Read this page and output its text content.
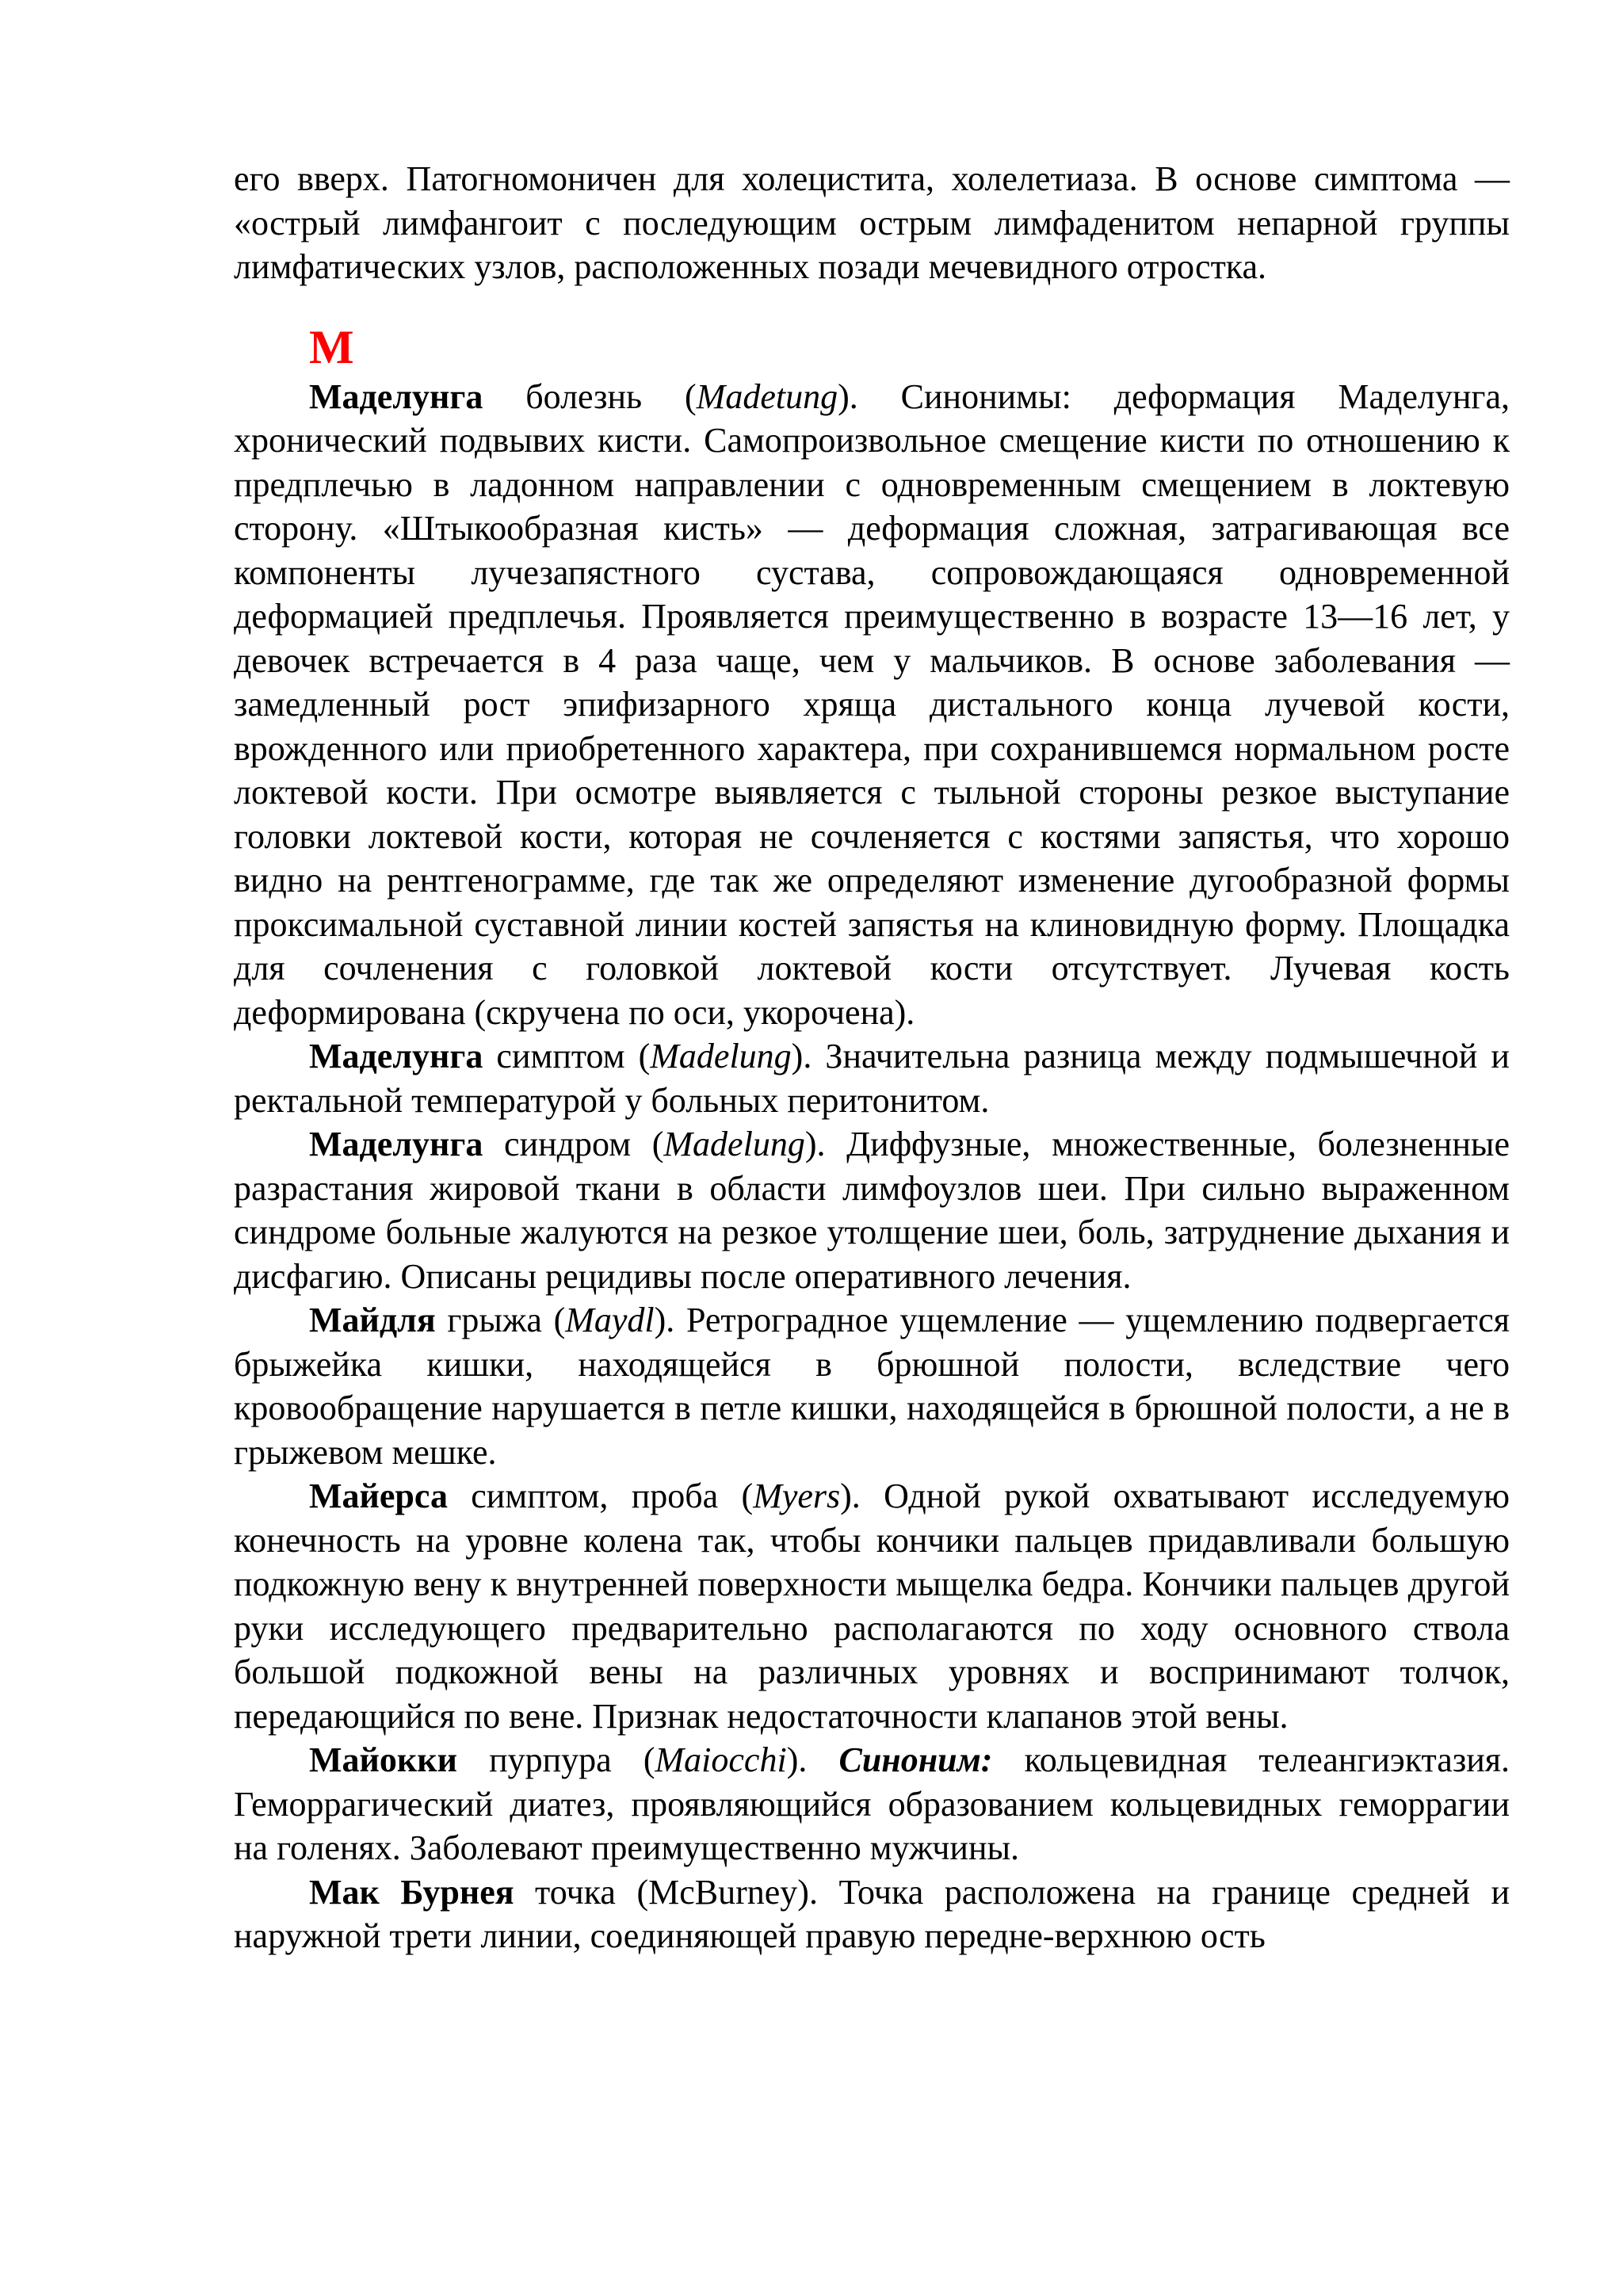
его вверх. Патогномоничен для холецистита, холелетиаза. В основе симптома — «острый лимфангоит с последующим острым лимфаденитом непарной группы лимфатических узлов, расположенных позади мечевидного отростка.

М

Маделунга болезнь (Madetung). Синонимы: деформация Маделунга, хронический подвывих кисти. Самопроизвольное смещение кисти по отношению к предплечью в ладонном направлении с одновременным смещением в локтевую сторону. «Штыкообразная кисть» — деформация сложная, затрагивающая все компоненты лучезапястного сустава, сопровождающаяся одновременной деформацией предплечья. Проявляется преимущественно в возрасте 13—16 лет, у девочек встречается в 4 раза чаще, чем у мальчиков. В основе заболевания — замедленный рост эпифизарного хряща дистального конца лучевой кости, врожденного или приобретенного характера, при сохранившемся нормальном росте локтевой кости. При осмотре выявляется с тыльной стороны резкое выступание головки локтевой кости, которая не сочленяется с костями запястья, что хорошо видно на рентгенограмме, где так же определяют изменение дугообразной формы проксимальной суставной линии костей запястья на клиновидную форму. Площадка для сочленения с головкой локтевой кости отсутствует. Лучевая кость деформирована (скручена по оси, укорочена).

Маделунга симптом (Madelung). Значительна разница между подмышечной и ректальной температурой у больных перитонитом.

Маделунга синдром (Madelung). Диффузные, множественные, болезненные разрастания жировой ткани в области лимфоузлов шеи. При сильно выраженном синдроме больные жалуются на резкое утолщение шеи, боль, затруднение дыхания и дисфагию. Описаны рецидивы после оперативного лечения.

Майдля грыжа (Maydl). Ретроградное ущемление — ущемлению подвергается брыжейка кишки, находящейся в брюшной полости, вследствие чего кровообращение нарушается в петле кишки, находящейся в брюшной полости, а не в грыжевом мешке.

Майерса симптом, проба (Myers). Одной рукой охватывают исследуемую конечность на уровне колена так, чтобы кончики пальцев придавливали большую подкожную вену к внутренней поверхности мыщелка бедра. Кончики пальцев другой руки исследующего предварительно располагаются по ходу основного ствола большой подкожной вены на различных уровнях и воспринимают толчок, передающийся по вене. Признак недостаточности клапанов этой вены.

Майокки пурпура (Maiocchi). Синоним: кольцевидная телеангиэктазия. Геморрагический диатез, проявляющийся образованием кольцевидных геморрагии на голенях. Заболевают преимущественно мужчины.

Мак Бурнея точка (McBurney). Точка расположена на границе средней и наружной трети линии, соединяющей правую передне-верхнюю ость
